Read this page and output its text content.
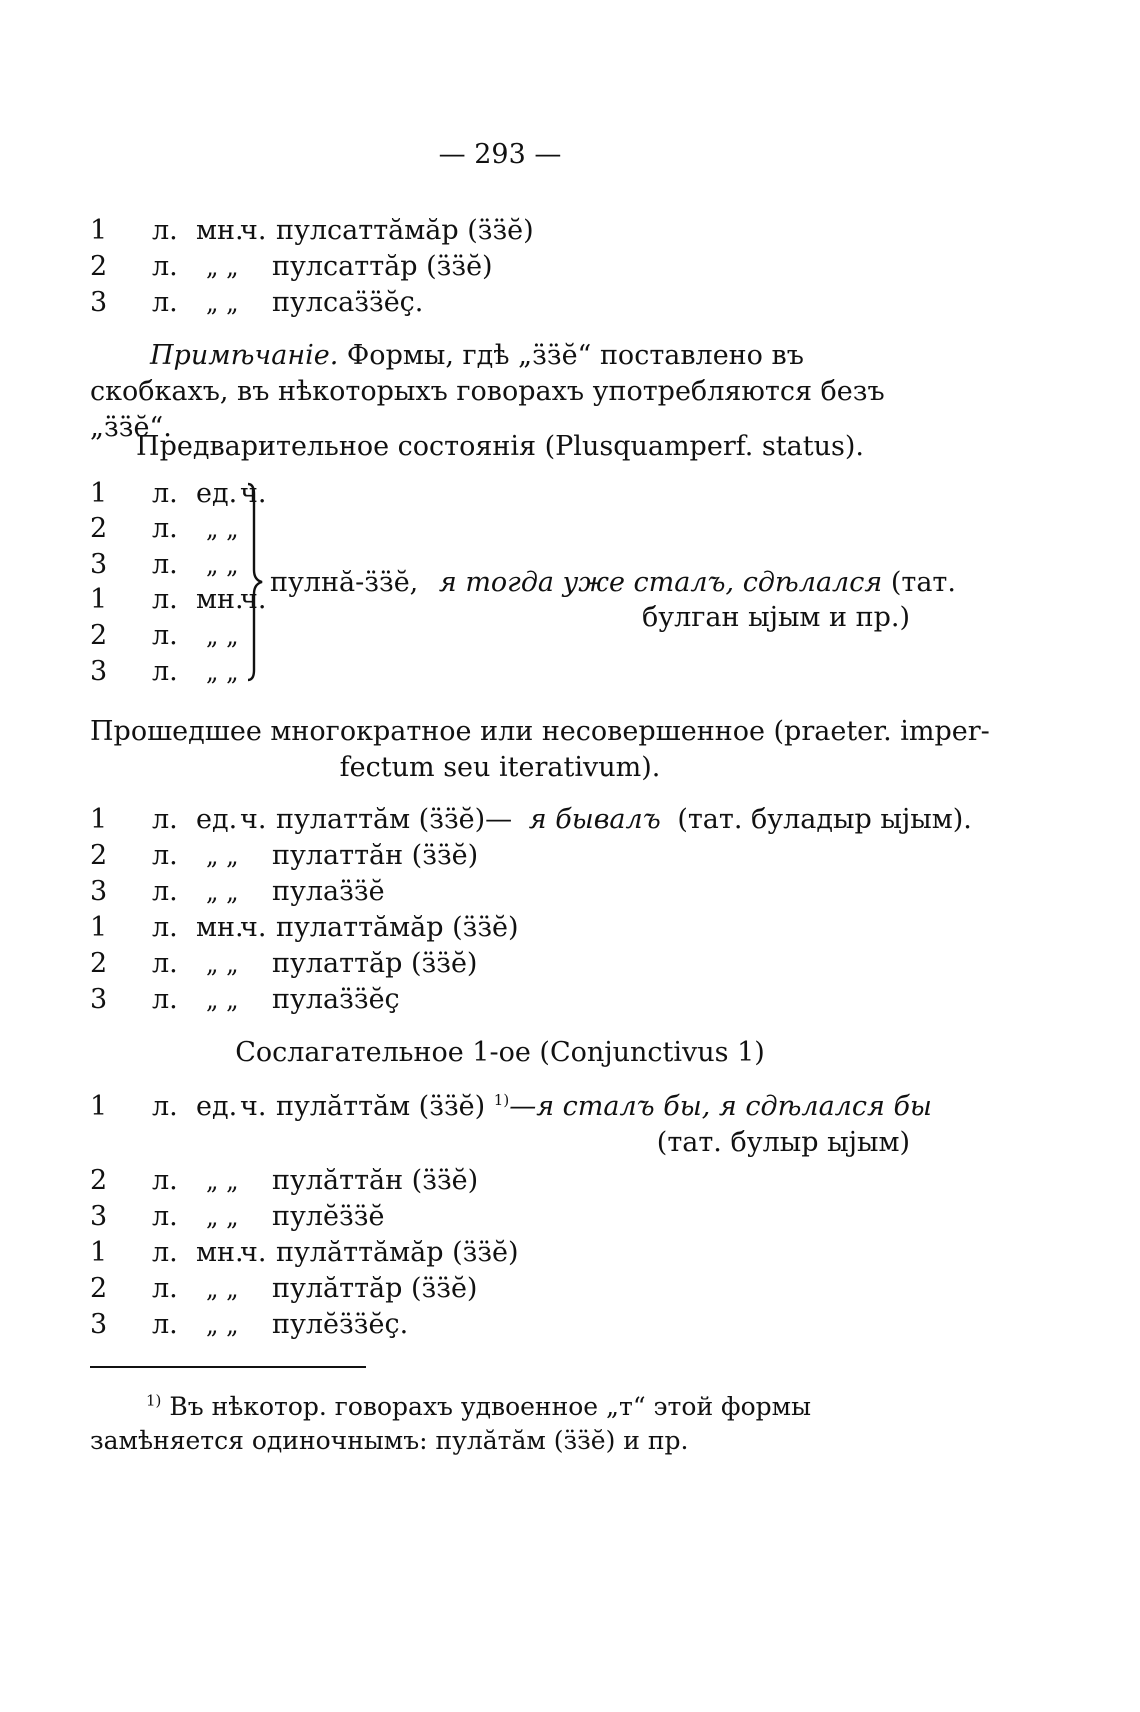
— 293 —
1 л. мн.ч. пулсаттăмăр (ӟӟĕ)
2 л. „ „ пулсаттăр (ӟӟĕ)
3 л. „ „ пулсаӟӟĕç.
Примѣчаніе. Формы, гдѣ „ӟӟĕ“ поставлено въ скобкахъ, въ нѣкоторыхъ говорахъ употребляются безъ „ӟӟĕ“.
Предварительное состоянія (Plusquamperf. status).
1 л. ед. ч.
2 л. „ „
3 л. „ „
1 л. мн.ч.
2 л. „ „
3 л. „ „
пулнă-ӟӟĕ, я тогда уже сталъ, сдѣлался (тат.
булган ыјым и пр.)
Прошедшее многократное или несовершенное (praeter. imper-
fectum seu iterativum).
1 л. ед. ч. пулаттăм (ӟӟĕ)— я бывалъ (тат. буладыр ыјым).
2 л. „ „ пулаттăн (ӟӟĕ)
3 л. „ „ пулаӟӟĕ
1 л. мн.ч. пулаттăмăр (ӟӟĕ)
2 л. „ „ пулаттăр (ӟӟĕ)
3 л. „ „ пулаӟӟĕç
Сослагательное 1-ое (Conjunctivus 1)
1 л. ед. ч. пулăттăм (ӟӟĕ) $^{1)}$—я сталъ бы, я сдѣлался бы
(тат. булыр ыјым)
2 л. „ „ пулăттăн (ӟӟĕ)
3 л. „ „ пулĕӟӟĕ
1 л. мн.ч. пулăттăмăр (ӟӟĕ)
2 л. „ „ пулăттăр (ӟӟĕ)
3 л. „ „ пулĕӟӟĕç.
$^{1)}$ Въ нѣкотор. говорахъ удвоенное „т“ этой формы замѣняется одиночнымъ: пулăтăм (ӟӟĕ) и пр.
